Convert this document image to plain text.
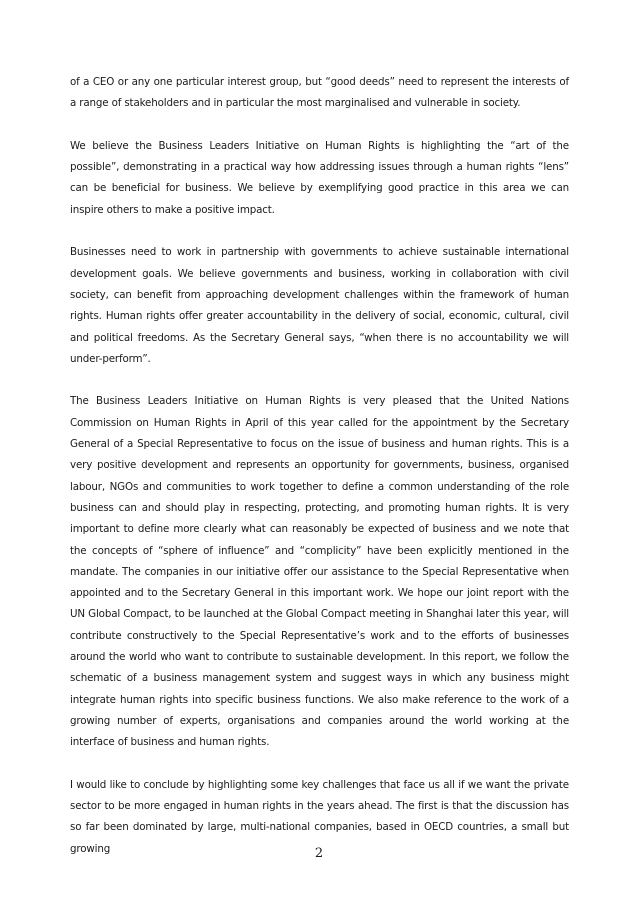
of a CEO or any one particular interest group, but “good deeds” need to represent the interests of a range of stakeholders and in particular the most marginalised and vulnerable in society.

We believe the Business Leaders Initiative on Human Rights is highlighting the “art of the possible”, demonstrating in a practical way how addressing issues through a human rights “lens” can be beneficial for business. We believe by exemplifying good practice in this area we can inspire others to make a positive impact.

Businesses need to work in partnership with governments to achieve sustainable international development goals. We believe governments and business, working in collaboration with civil society, can benefit from approaching development challenges within the framework of human rights. Human rights offer greater accountability in the delivery of social, economic, cultural, civil and political freedoms. As the Secretary General says, “when there is no accountability we will under-perform”.

The Business Leaders Initiative on Human Rights is very pleased that the United Nations Commission on Human Rights in April of this year called for the appointment by the Secretary General of a Special Representative to focus on the issue of business and human rights. This is a very positive development and represents an opportunity for governments, business, organised labour, NGOs and communities to work together to define a common understanding of the role business can and should play in respecting, protecting, and promoting human rights. It is very important to define more clearly what can reasonably be expected of business and we note that the concepts of “sphere of influence” and “complicity” have been explicitly mentioned in the mandate. The companies in our initiative offer our assistance to the Special Representative when appointed and to the Secretary General in this important work. We hope our joint report with the UN Global Compact, to be launched at the Global Compact meeting in Shanghai later this year, will contribute constructively to the Special Representative’s work and to the efforts of businesses around the world who want to contribute to sustainable development. In this report, we follow the schematic of a business management system and suggest ways in which any business might integrate human rights into specific business functions. We also make reference to the work of a growing number of experts, organisations and companies around the world working at the interface of business and human rights.

I would like to conclude by highlighting some key challenges that face us all if we want the private sector to be more engaged in human rights in the years ahead. The first is that the discussion has so far been dominated by large, multi-national companies, based in OECD countries, a small but growing	2
